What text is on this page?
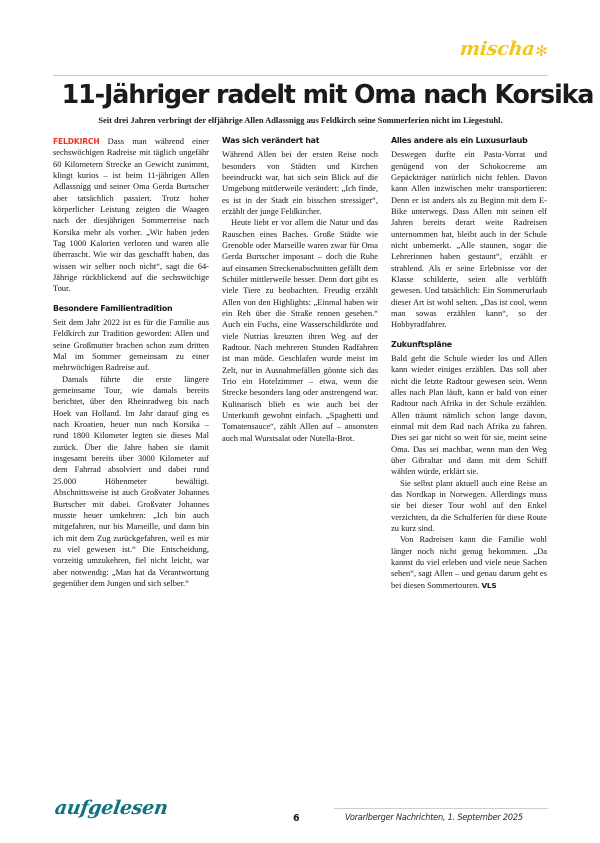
mischa✻
11-Jähriger radelt mit Oma nach Korsika
Seit drei Jahren verbringt der elfjährige Allen Adlassnigg aus Feldkirch seine Sommerferien nicht im Liegestuhl.

FELDKIRCH Dass man während einer sechswöchigen Radreise mit täglich ungefähr 60 Kilometern Strecke an Gewicht zunimmt, klingt kurios – ist beim 11-jährigen Allen Adlassnigg und seiner Oma Gerda Burtscher aber tatsächlich passiert. Trotz hoher körperlicher Leistung zeigten die Waagen nach der diesjährigen Sommerreise nach Korsika mehr als vorher. „Wir haben jeden Tag 1000 Kalorien verloren und waren alle überrascht. Wie wir das geschafft haben, das wissen wir selber noch nicht“, sagt die 64-Jährige rückblickend auf die sechswöchige Tour.

Besondere Familientradition

Seit dem Jahr 2022 ist es für die Familie aus Feldkirch zur Tradition geworden: Allen und seine Großmutter brachen schon zum dritten Mal im Sommer gemeinsam zu einer mehrwöchigen Radreise auf.

Damals führte die erste längere gemeinsame Tour, wie damals bereits berichtet, über den Rheinradweg bis nach Hoek van Holland. Im Jahr darauf ging es nach Kroatien, heuer nun nach Korsika – rund 1800 Kilometer legten sie dieses Mal zurück. Über die Jahre haben sie damit insgesamt bereits über 3000 Kilometer auf dem Fahrrad absolviert und dabei rund 25.000 Höhenmeter bewältigt. Abschnittsweise ist auch Großvater Johannes Burtscher mit dabei. Großvater Johannes musste heuer umkehren: „Ich bin auch mitgefahren, nur bis Marseille, und dann bin ich mit dem Zug zurückgefahren, weil es mir zu viel gewesen ist.“ Die Entscheidung, vorzeitig umzukehren, fiel nicht leicht, war aber notwendig: „Man hat da Verantwortung gegenüber dem Jungen und sich selber.“

Was sich verändert hat

Während Allen bei der ersten Reise noch besonders von Städten und Kirchen beeindruckt war, hat sich sein Blick auf die Umgebung mittlerweile verändert: „Ich finde, es ist in der Stadt ein bisschen stressiger“, erzählt der junge Feldkircher.

Heute liebt er vor allem die Natur und das Rauschen eines Baches. Große Städte wie Grenoble oder Marseille waren zwar für Oma Gerda Burtscher imposant – doch die Ruhe auf einsamen Streckenabschnitten gefällt dem Schüler mittlerweile besser. Denn dort gibt es viele Tiere zu beobachten. Freudig erzählt Allen von den Highlights: „Einmal haben wir ein Reh über die Straße rennen gesehen.“ Auch ein Fuchs, eine Wasserschildkröte und viele Nutrias kreuzten ihren Weg auf der Radtour. Nach mehreren Stunden Radfahren ist man müde. Geschlafen wurde meist im Zelt, nur in Ausnahmefällen gönnte sich das Trio ein Hotelzimmer – etwa, wenn die Strecke besonders lang oder anstrengend war. Kulinarisch blieb es wie auch bei der Unterkunft gewohnt einfach. „Spaghetti und Tomatensauce“, zählt Allen auf – ansonsten auch mal Wurstsalat oder Nutella-Brot.

Alles andere als ein Luxusurlaub

Deswegen durfte ein Pasta-Vorrat und genügend von der Schokocreme am Gepäckträger natürlich nicht fehlen. Davon kann Allen inzwischen mehr transportieren: Denn er ist anders als zu Beginn mit dem E-Bike unterwegs. Dass Allen mit seinen elf Jahren bereits derart weite Radreisen unternommen hat, bleibt auch in der Schule nicht unbemerkt. „Alle staunen, sogar die Lehrerinnen haben gestaunt“, erzählt er strahlend. Als er seine Erlebnisse vor der Klasse schilderte, seien alle verblüfft gewesen. Und tatsächlich: Ein Sommerurlaub dieser Art ist wohl selten. „Das ist cool, wenn man sowas erzählen kann“, so der Hobbyradfahrer.

Zukunftspläne

Bald geht die Schule wieder los und Allen kann wieder einiges erzählen. Das soll aber nicht die letzte Radtour gewesen sein. Wenn alles nach Plan läuft, kann er bald von einer Radtour nach Afrika in der Schule erzählen. Allen träumt nämlich schon lange davon, einmal mit dem Rad nach Afrika zu fahren. Dies sei gar nicht so weit für sie, meint seine Oma. Das sei machbar, wenn man den Weg über Gibraltar und dann mit dem Schiff wählen würde, erklärt sie.

Sie selbst plant aktuell auch eine Reise an das Nordkap in Norwegen. Allerdings muss sie bei dieser Tour wohl auf den Enkel verzichten, da die Schulferien für diese Route zu kurz sind.

Von Radreisen kann die Familie wohl länger noch nicht genug bekommen. „Da kannst du viel erleben und viele neue Sachen sehen“, sagt Allen – und genau darum geht es bei diesen Sommertouren. VLS

aufgelesen	6	Vorarlberger Nachrichten, 1. September 2025
